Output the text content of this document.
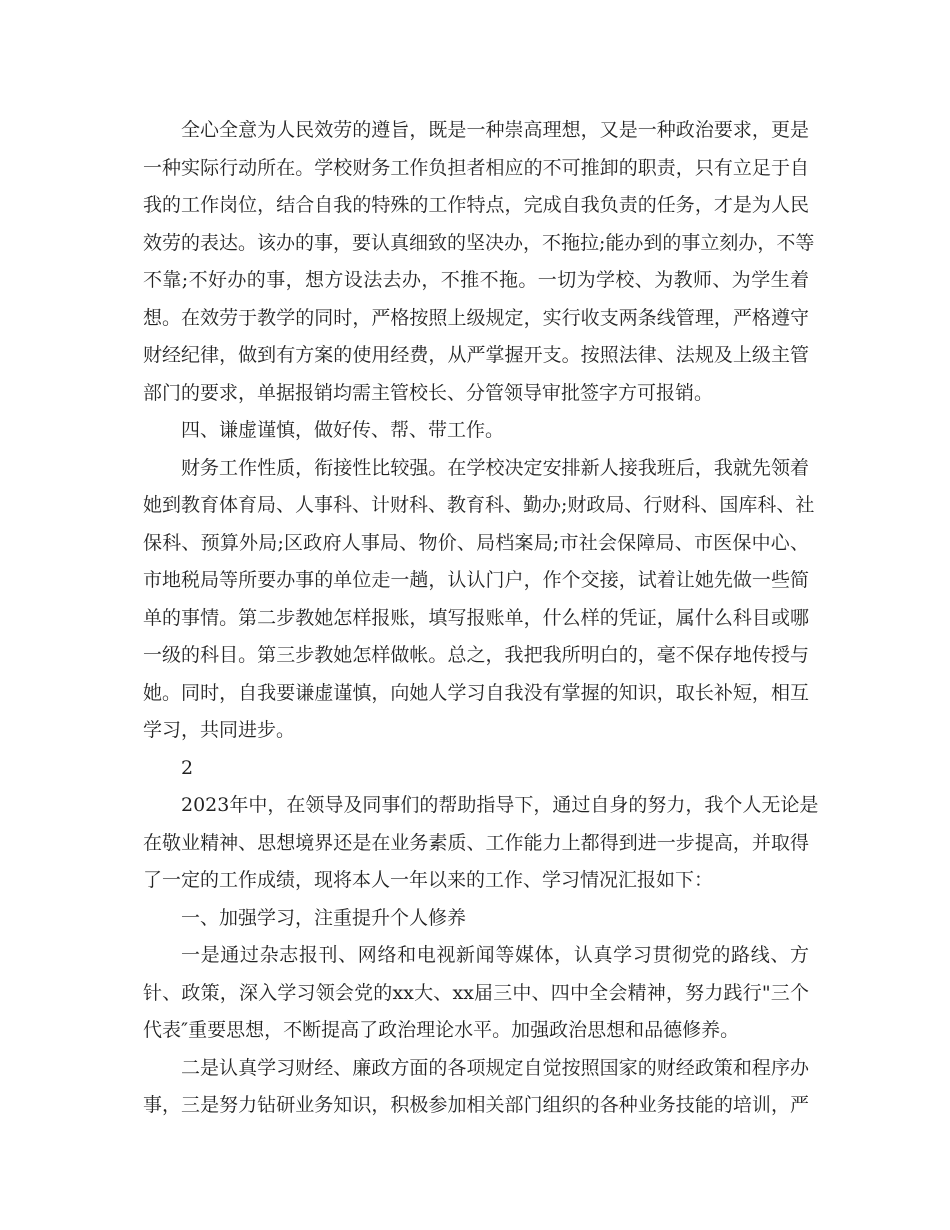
全心全意为人民效劳的遵旨，既是一种崇高理想，又是一种政治要求，更是
一种实际行动所在。学校财务工作负担者相应的不可推卸的职责，只有立足于自
我的工作岗位，结合自我的特殊的工作特点，完成自我负责的任务，才是为人民
效劳的表达。该办的事，要认真细致的坚决办，不拖拉;能办到的事立刻办，不等
不靠;不好办的事，想方设法去办，不推不拖。一切为学校、为教师、为学生着
想。在效劳于教学的同时，严格按照上级规定，实行收支两条线管理，严格遵守
财经纪律，做到有方案的使用经费，从严掌握开支。按照法律、法规及上级主管
部门的要求，单据报销均需主管校长、分管领导审批签字方可报销。
四、谦虚谨慎，做好传、帮、带工作。
财务工作性质，衔接性比较强。在学校决定安排新人接我班后，我就先领着
她到教育体育局、人事科、计财科、教育科、勤办;财政局、行财科、国库科、社
保科、预算外局;区政府人事局、物价、局档案局;市社会保障局、市医保中心、
市地税局等所要办事的单位走一趟，认认门户，作个交接，试着让她先做一些简
单的事情。第二步教她怎样报账，填写报账单，什么样的凭证，属什么科目或哪
一级的科目。第三步教她怎样做帐。总之，我把我所明白的，毫不保存地传授与
她。同时，自我要谦虚谨慎，向她人学习自我没有掌握的知识，取长补短，相互
学习，共同进步。
2
2023年中，在领导及同事们的帮助指导下，通过自身的努力，我个人无论是
在敬业精神、思想境界还是在业务素质、工作能力上都得到进一步提高，并取得
了一定的工作成绩，现将本人一年以来的工作、学习情况汇报如下：
一、加强学习，注重提升个人修养
一是通过杂志报刊、网络和电视新闻等媒体，认真学习贯彻党的路线、方
针、政策，深入学习领会党的xx大、xx届三中、四中全会精神，努力践行"三个
代表″重要思想，不断提高了政治理论水平。加强政治思想和品德修养。
二是认真学习财经、廉政方面的各项规定自觉按照国家的财经政策和程序办
事，三是努力钻研业务知识，积极参加相关部门组织的各种业务技能的培训，严
